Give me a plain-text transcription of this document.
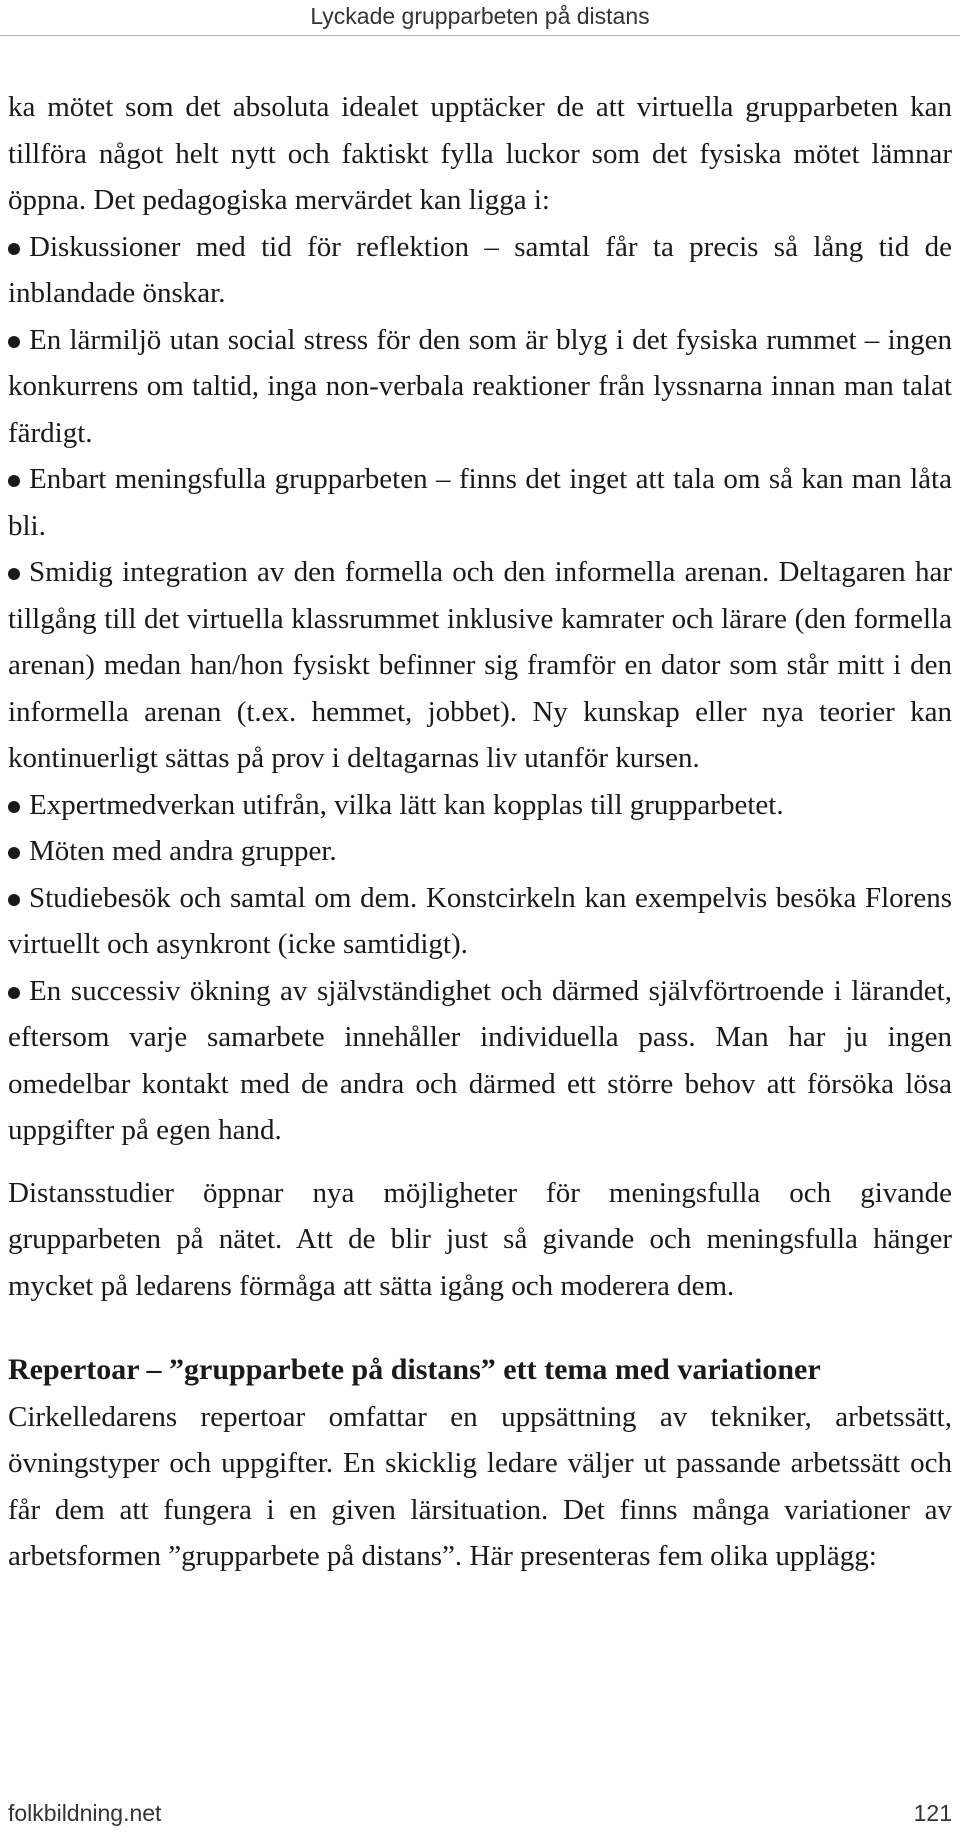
Lyckade grupparbeten på distans

ka mötet som det absoluta idealet upptäcker de att virtuella grupparbeten kan tillföra något helt nytt och faktiskt fylla luckor som det fysiska mötet lämnar öppna. Det pedagogiska mervärdet kan ligga i:

Diskussioner med tid för reflektion – samtal får ta precis så lång tid de inblandade önskar.

En lärmiljö utan social stress för den som är blyg i det fysiska rummet – ingen konkurrens om taltid, inga non-verbala reaktioner från lyssnarna innan man talat färdigt.

Enbart meningsfulla grupparbeten – finns det inget att tala om så kan man låta bli.

Smidig integration av den formella och den informella arenan. Deltagaren har tillgång till det virtuella klassrummet inklusive kamrater och lärare (den formella arenan) medan han/hon fysiskt befinner sig framför en dator som står mitt i den informella arenan (t.ex. hemmet, jobbet). Ny kunskap eller nya teorier kan kontinuerligt sättas på prov i deltagarnas liv utanför kursen.

Expertmedverkan utifrån, vilka lätt kan kopplas till grupparbetet.

Möten med andra grupper.

Studiebesök och samtal om dem. Konstcirkeln kan exempelvis besöka Florens virtuellt och asynkront (icke samtidigt).

En successiv ökning av självständighet och därmed självförtroende i lärandet, eftersom varje samarbete innehåller individuella pass. Man har ju ingen omedelbar kontakt med de andra och därmed ett större behov att försöka lösa uppgifter på egen hand.

Distansstudier öppnar nya möjligheter för meningsfulla och givande grupparbeten på nätet. Att de blir just så givande och meningsfulla hänger mycket på ledarens förmåga att sätta igång och moderera dem.

Repertoar – ”grupparbete på distans” ett tema med variationer

Cirkelledarens repertoar omfattar en uppsättning av tekniker, arbetssätt, övningstyper och uppgifter. En skicklig ledare väljer ut passande arbetssätt och får dem att fungera i en given lärsituation. Det finns många variationer av arbetsformen ”grupparbete på distans”. Här presenteras fem olika upplägg:

folkbildning.net	121
